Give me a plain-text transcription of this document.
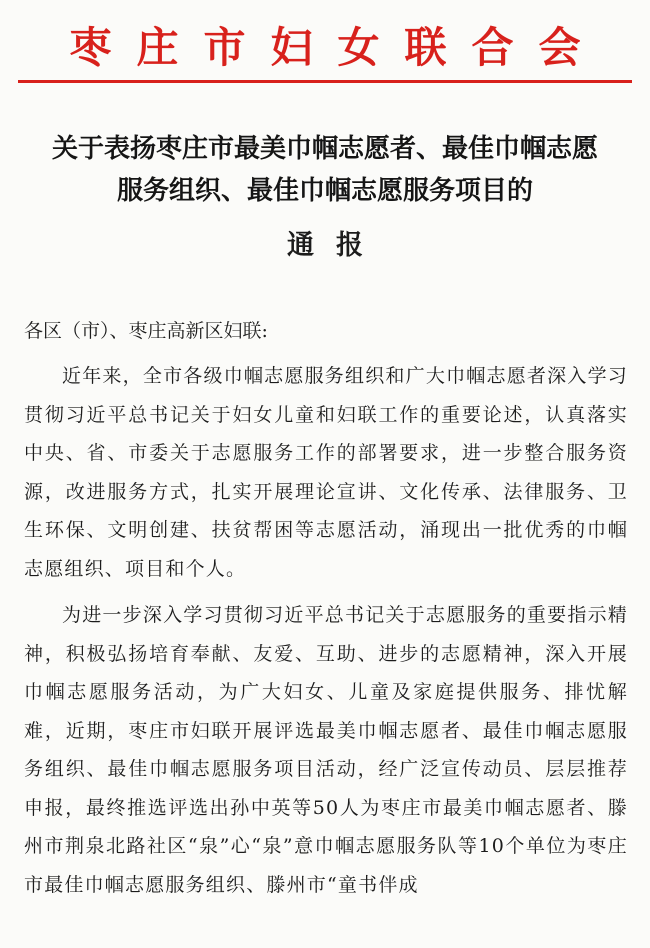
枣庄市妇女联合会
关于表扬枣庄市最美巾帼志愿者、最佳巾帼志愿服务组织、最佳巾帼志愿服务项目的
通报
各区（市）、枣庄高新区妇联:

近年来，全市各级巾帼志愿服务组织和广大巾帼志愿者深入学习贯彻习近平总书记关于妇女儿童和妇联工作的重要论述，认真落实中央、省、市委关于志愿服务工作的部署要求，进一步整合服务资源，改进服务方式，扎实开展理论宣讲、文化传承、法律服务、卫生环保、文明创建、扶贫帮困等志愿活动，涌现出一批优秀的巾帼志愿组织、项目和个人。

为进一步深入学习贯彻习近平总书记关于志愿服务的重要指示精神，积极弘扬培育奉献、友爱、互助、进步的志愿精神，深入开展巾帼志愿服务活动，为广大妇女、儿童及家庭提供服务、排忧解难，近期，枣庄市妇联开展评选最美巾帼志愿者、最佳巾帼志愿服务组织、最佳巾帼志愿服务项目活动，经广泛宣传动员、层层推荐申报，最终推选评选出孙中英等50人为枣庄市最美巾帼志愿者、滕州市荆泉北路社区“泉”心“泉”意巾帼志愿服务队等10个单位为枣庄市最佳巾帼志愿服务组织、滕州市“童书伴成
